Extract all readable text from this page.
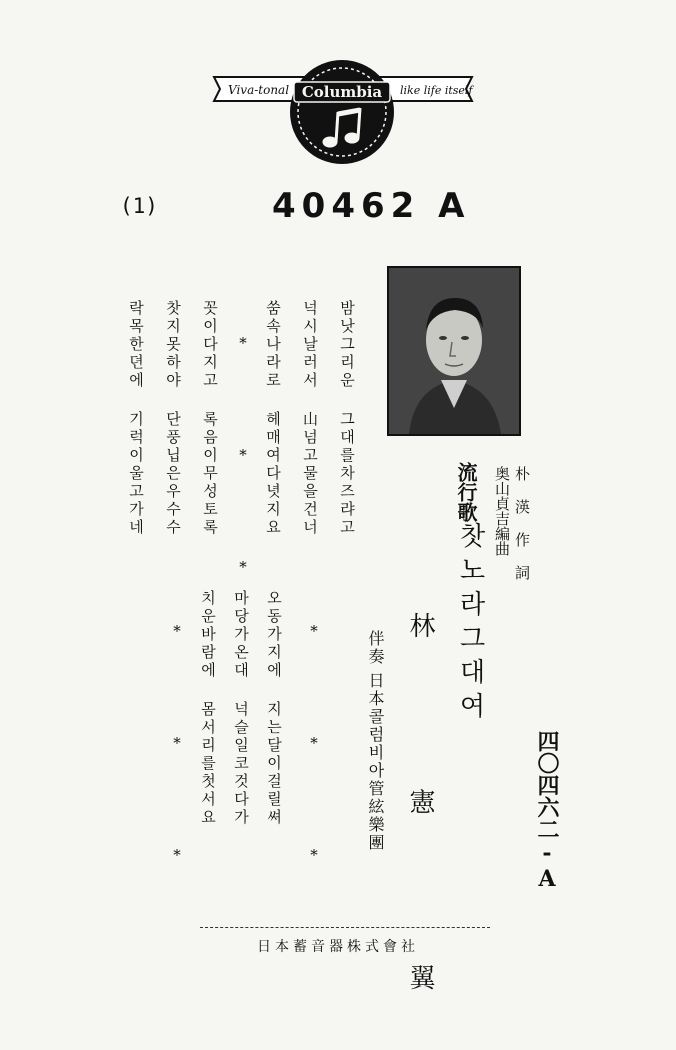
Viva-tonal	like life itself
Columbia
(1)	40462 A
밤낫그리운 그대를차즈랴고
넉시날러서 山넘고물을건너
쑴속나라로 헤매여다녓지요
* * *
꼿이다지고 록음이무성토록
찻지못하야 단풍닙은우수수
락목한뎐에 기럭이울고가네
* * *
오동가지에 지는달이걸릴쎠
마당가온대 넉슬일코것다가
치운바람에 몸서리를첫서요
* * *
流行歌
찻노라그대여 朴 渶 作 詞
奥山貞吉編曲
林 憲 翼
伴奏
日本콜럼비아管絃樂團	四〇四六二-A
日本蓄音器株式會社
